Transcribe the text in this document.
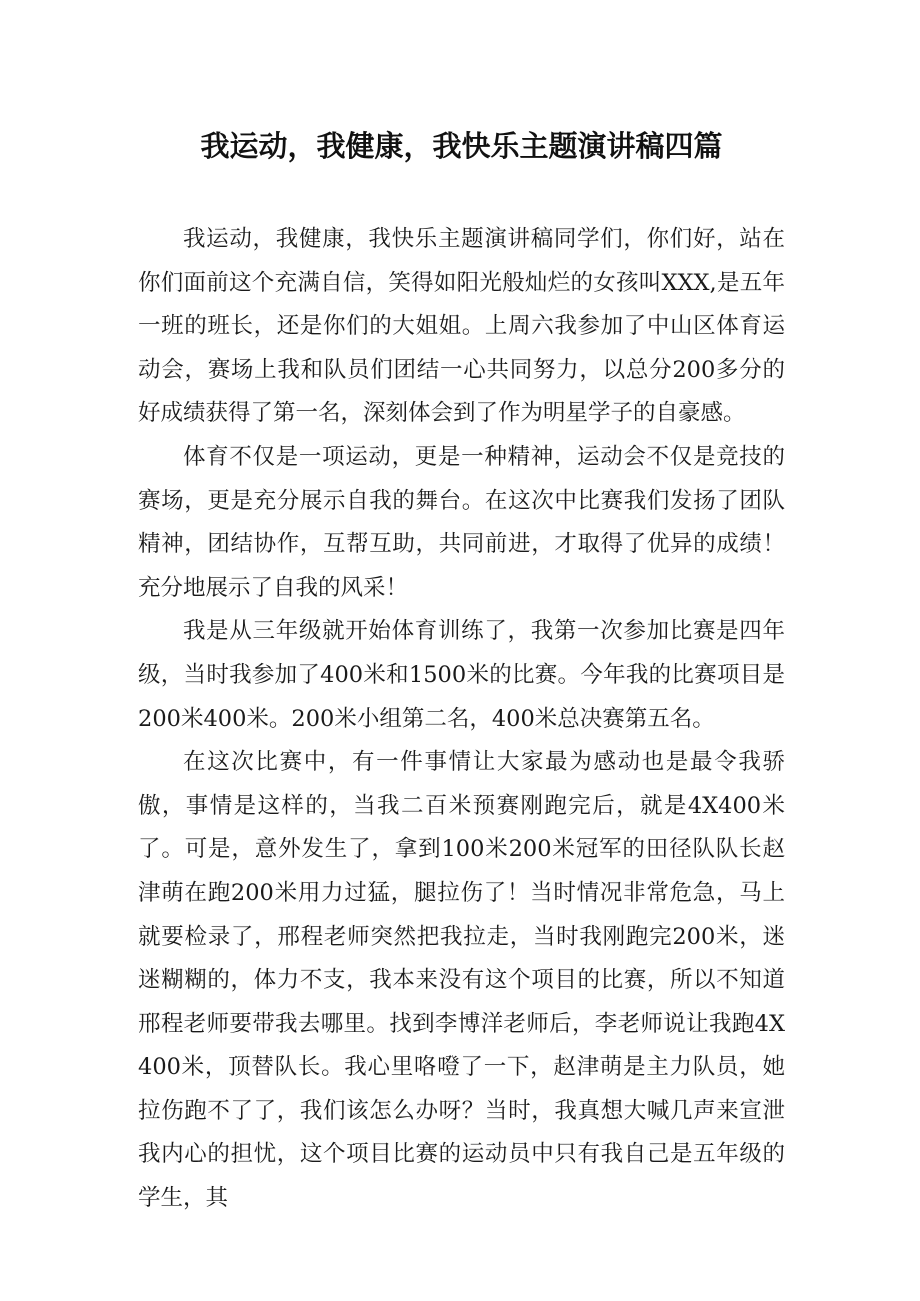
我运动，我健康，我快乐主题演讲稿四篇

我运动，我健康，我快乐主题演讲稿同学们，你们好，站在你们面前这个充满自信，笑得如阳光般灿烂的女孩叫XXX,是五年一班的班长，还是你们的大姐姐。上周六我参加了中山区体育运动会，赛场上我和队员们团结一心共同努力，以总分200多分的好成绩获得了第一名，深刻体会到了作为明星学子的自豪感。

体育不仅是一项运动，更是一种精神，运动会不仅是竞技的赛场，更是充分展示自我的舞台。在这次中比赛我们发扬了团队精神，团结协作，互帮互助，共同前进，才取得了优异的成绩！充分地展示了自我的风采！

我是从三年级就开始体育训练了，我第一次参加比赛是四年级，当时我参加了400米和1500米的比赛。今年我的比赛项目是200米400米。200米小组第二名，400米总决赛第五名。

在这次比赛中，有一件事情让大家最为感动也是最令我骄傲，事情是这样的，当我二百米预赛刚跑完后，就是4X400米了。可是，意外发生了，拿到100米200米冠军的田径队队长赵津萌在跑200米用力过猛，腿拉伤了！当时情况非常危急，马上就要检录了，邢程老师突然把我拉走，当时我刚跑完200米，迷迷糊糊的，体力不支，我本来没有这个项目的比赛，所以不知道邢程老师要带我去哪里。找到李博洋老师后，李老师说让我跑4X400米，顶替队长。我心里咯噔了一下，赵津萌是主力队员，她拉伤跑不了了，我们该怎么办呀？当时，我真想大喊几声来宣泄我内心的担忧，这个项目比赛的运动员中只有我自己是五年级的学生，其
